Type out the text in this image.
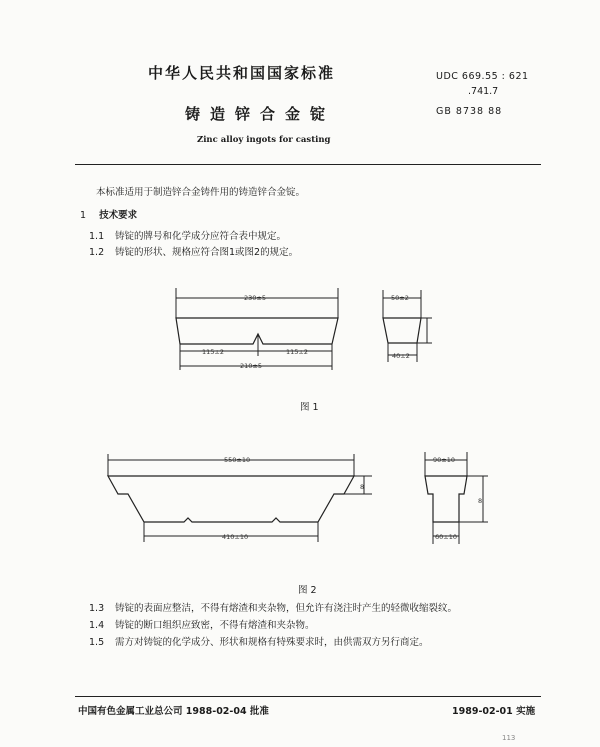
中华人民共和国国家标准	UDC 669.55 : 621
.741.7
GB 8738 88
铸造锌合金锭
Zinc alloy ingots for casting
本标准适用于制造锌合金铸件用的铸造锌合金锭。
1 技术要求
1.1 铸锭的牌号和化学成分应符合表中规定。
1.2 铸锭的形状、规格应符合图1或图2的规定。
230±5
115±2	115±2
210±5
50±2
40±2
图 1
550±10
410±10
8
90±10
60±10
8
图 2
1.3 铸锭的表面应整洁，不得有熔渣和夹杂物，但允许有浇注时产生的轻微收缩裂纹。
1.4 铸锭的断口组织应致密，不得有熔渣和夹杂物。
1.5 需方对铸锭的化学成分、形状和规格有特殊要求时，由供需双方另行商定。
中国有色金属工业总公司 1988-02-04 批准	1989-02-01 实施
113
